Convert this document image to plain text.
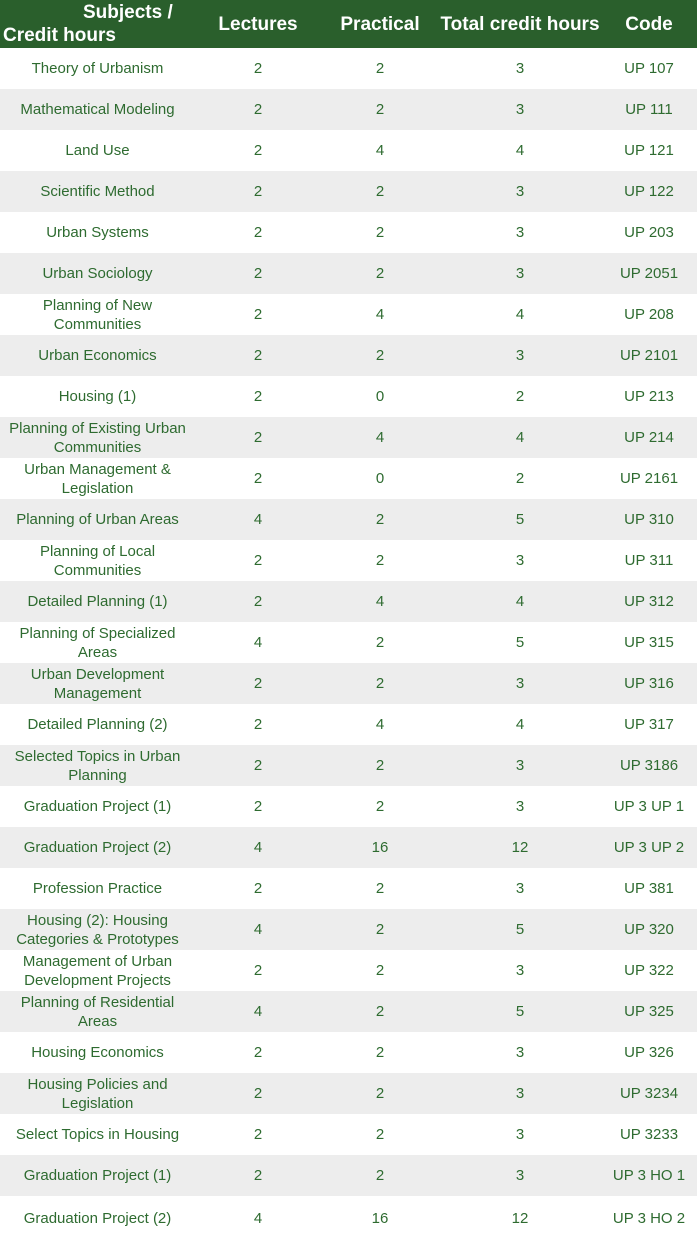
Subjects /
Credit hours	Lectures	Practical	Total credit hours	Code
Theory of Urbanism	2	2	3	UP 107
Mathematical Modeling	2	2	3	UP 111
Land Use	2	4	4	UP 121
Scientific Method	2	2	3	UP 122
Urban Systems	2	2	3	UP 203
Urban Sociology	2	2	3	UP 2051
Planning of New Communities	2	4	4	UP 208
Urban Economics	2	2	3	UP 2101
Housing (1)	2	0	2	UP 213
Planning of Existing Urban Communities	2	4	4	UP 214
Urban Management & Legislation	2	0	2	UP 2161
Planning of Urban Areas	4	2	5	UP 310
Planning of Local Communities	2	2	3	UP 311
Detailed Planning (1)	2	4	4	UP 312
Planning of Specialized Areas	4	2	5	UP 315
Urban Development Management	2	2	3	UP 316
Detailed Planning (2)	2	4	4	UP 317
Selected Topics in Urban Planning	2	2	3	UP 3186
Graduation Project (1)	2	2	3	UP 3 UP 1
Graduation Project (2)	4	16	12	UP 3 UP 2
Profession Practice	2	2	3	UP 381
Housing (2): Housing Categories & Prototypes	4	2	5	UP 320
Management of Urban Development Projects	2	2	3	UP 322
Planning of Residential Areas	4	2	5	UP 325
Housing Economics	2	2	3	UP 326
Housing Policies and Legislation	2	2	3	UP 3234
Select Topics in Housing	2	2	3	UP 3233
Graduation Project (1)	2	2	3	UP 3 HO 1
Graduation Project (2)	4	16	12	UP 3 HO 2
